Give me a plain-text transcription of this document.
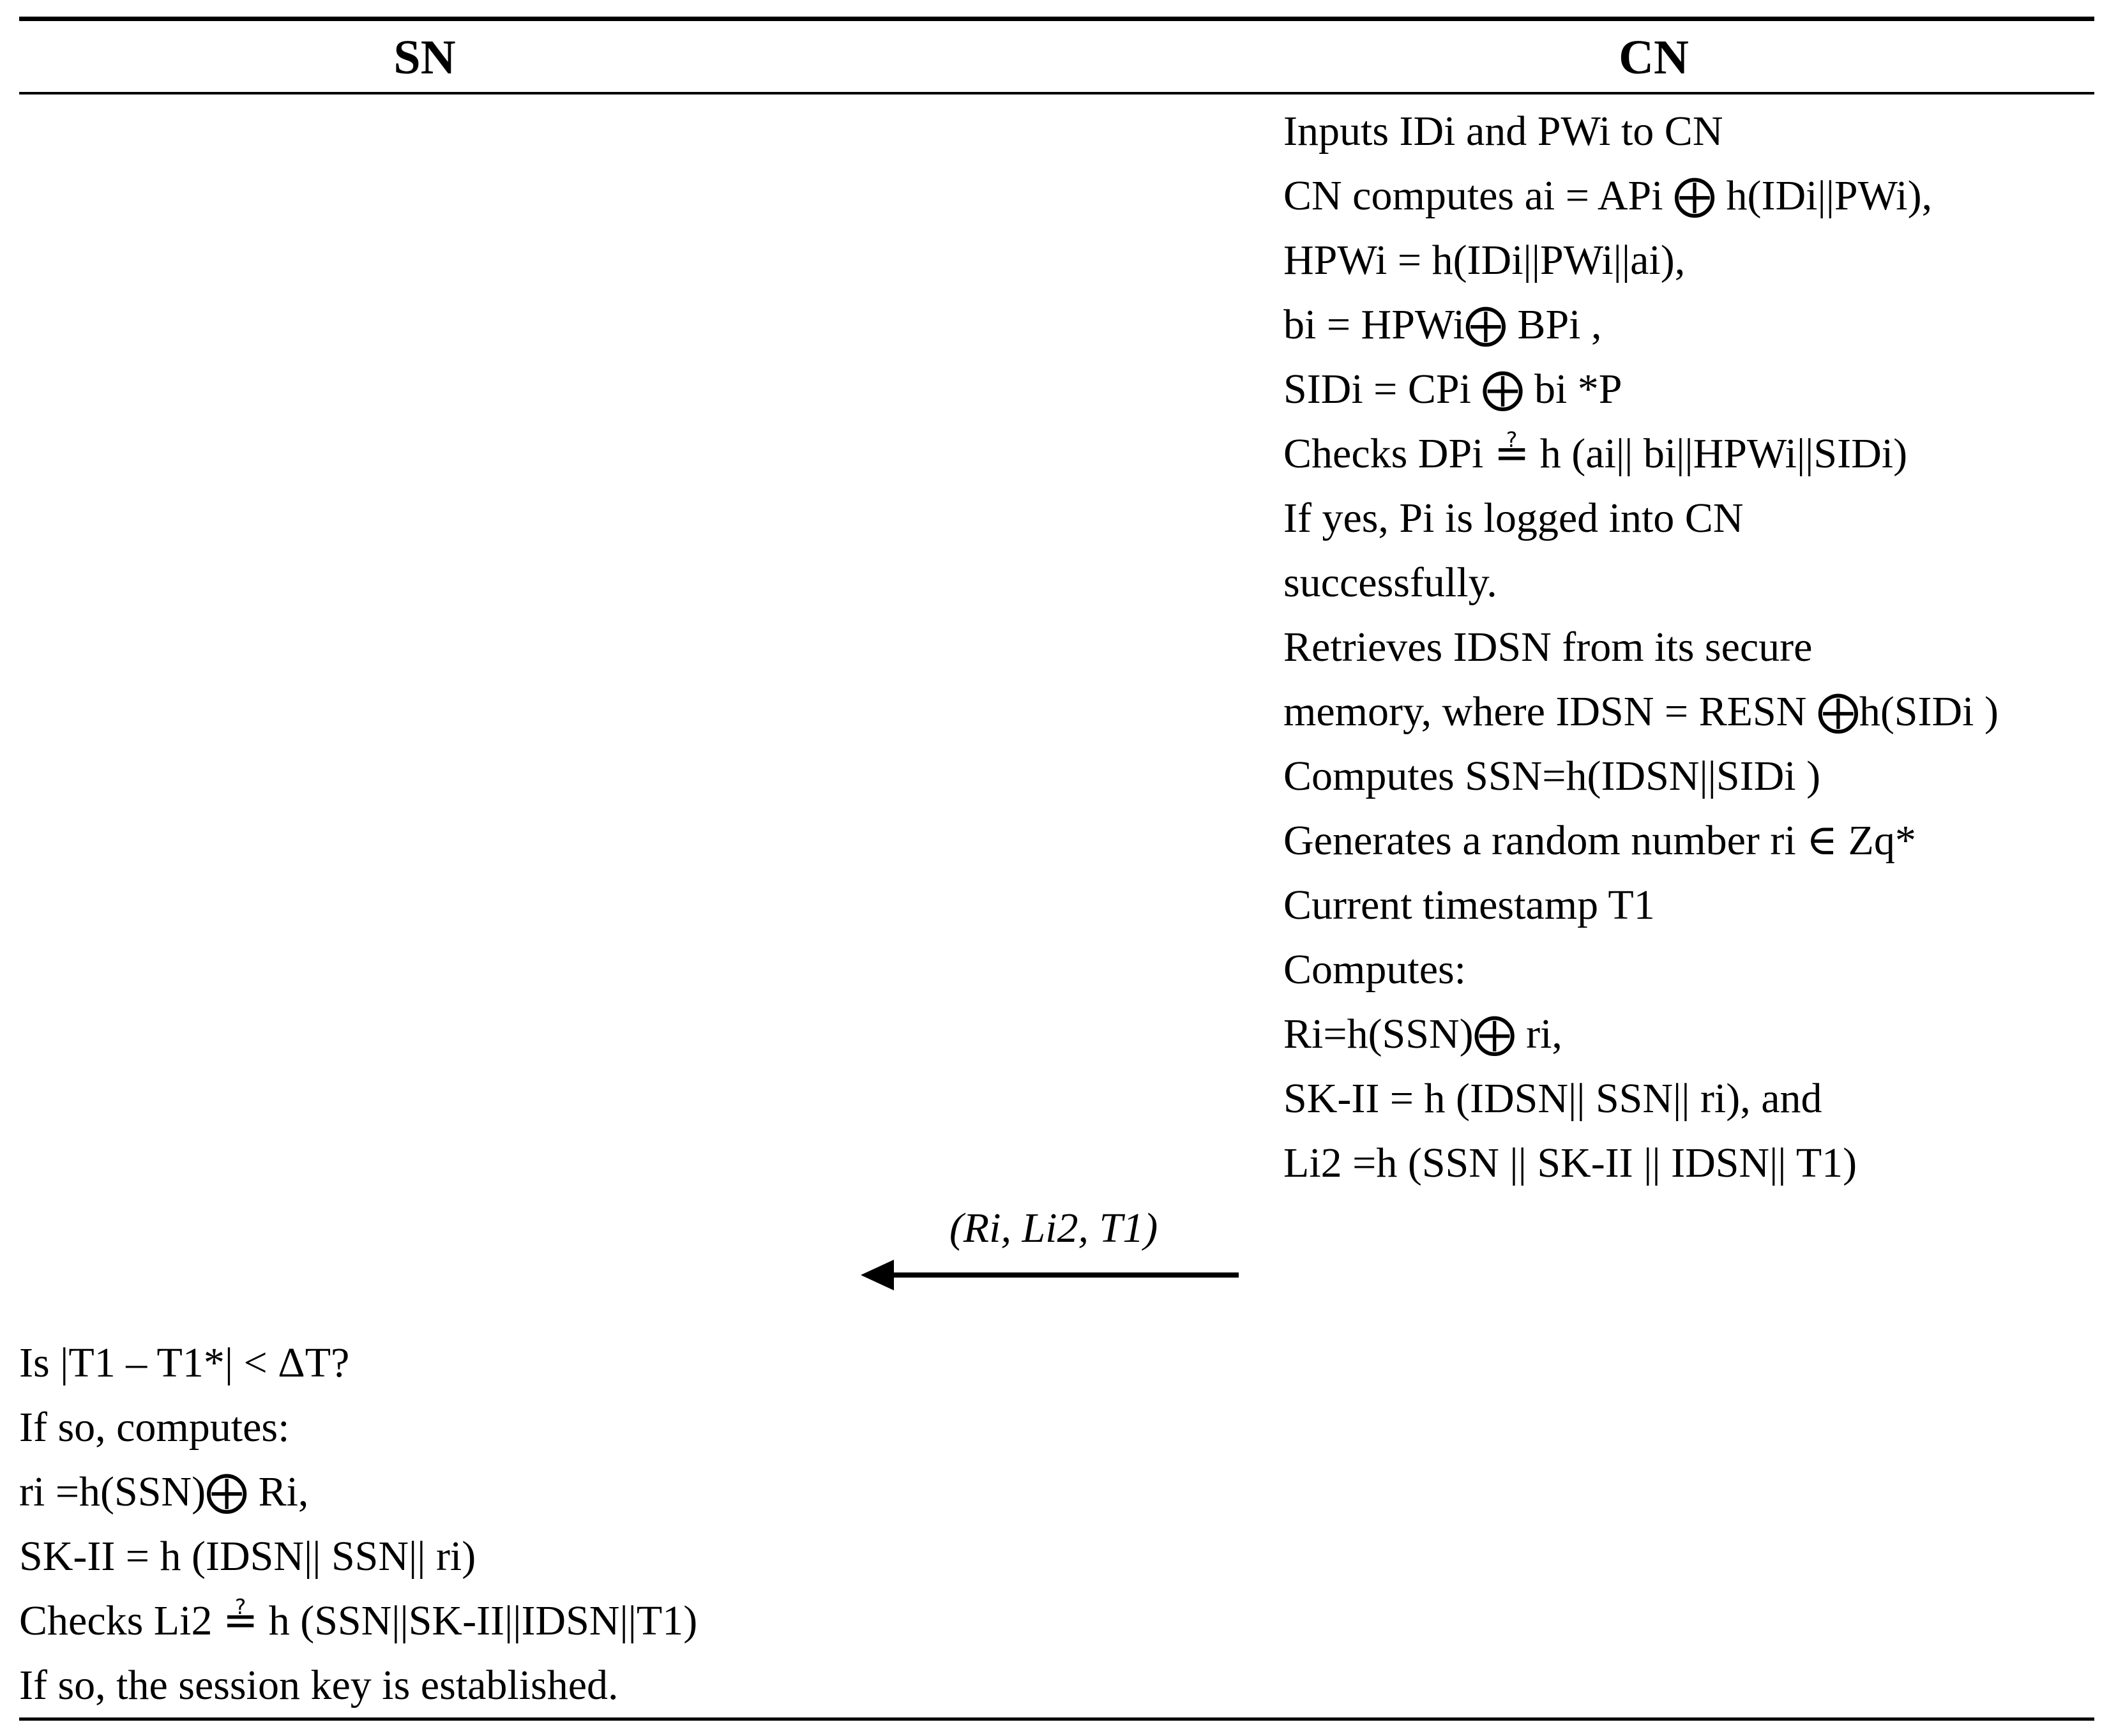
SN	CN
Inputs IDi and PWi to CN
CN computes ai = APi ⨁ h(IDi||PWi),
HPWi = h(IDi||PWi||ai),
bi = HPWi⨁ BPi ,
SIDi = CPi ⨁ bi *P
Checks DPi ≟ h (ai|| bi||HPWi||SIDi)
If yes, Pi is logged into CN
successfully.
Retrieves IDSN from its secure
memory, where IDSN = RESN ⨁h(SIDi )
Computes SSN=h(IDSN||SIDi )
Generates a random number ri ∈ Zq*
Current timestamp T1
Computes:
Ri=h(SSN)⨁ ri,
SK-II = h (IDSN|| SSN|| ri), and
Li2 =h (SSN || SK-II || IDSN|| T1)
(Ri, Li2, T1)
Is |T1 – T1*| < ΔT?
If so, computes:
ri =h(SSN)⨁ Ri,
SK-II = h (IDSN|| SSN|| ri)
Checks Li2 ≟ h (SSN||SK-II||IDSN||T1)
If so, the session key is established.
